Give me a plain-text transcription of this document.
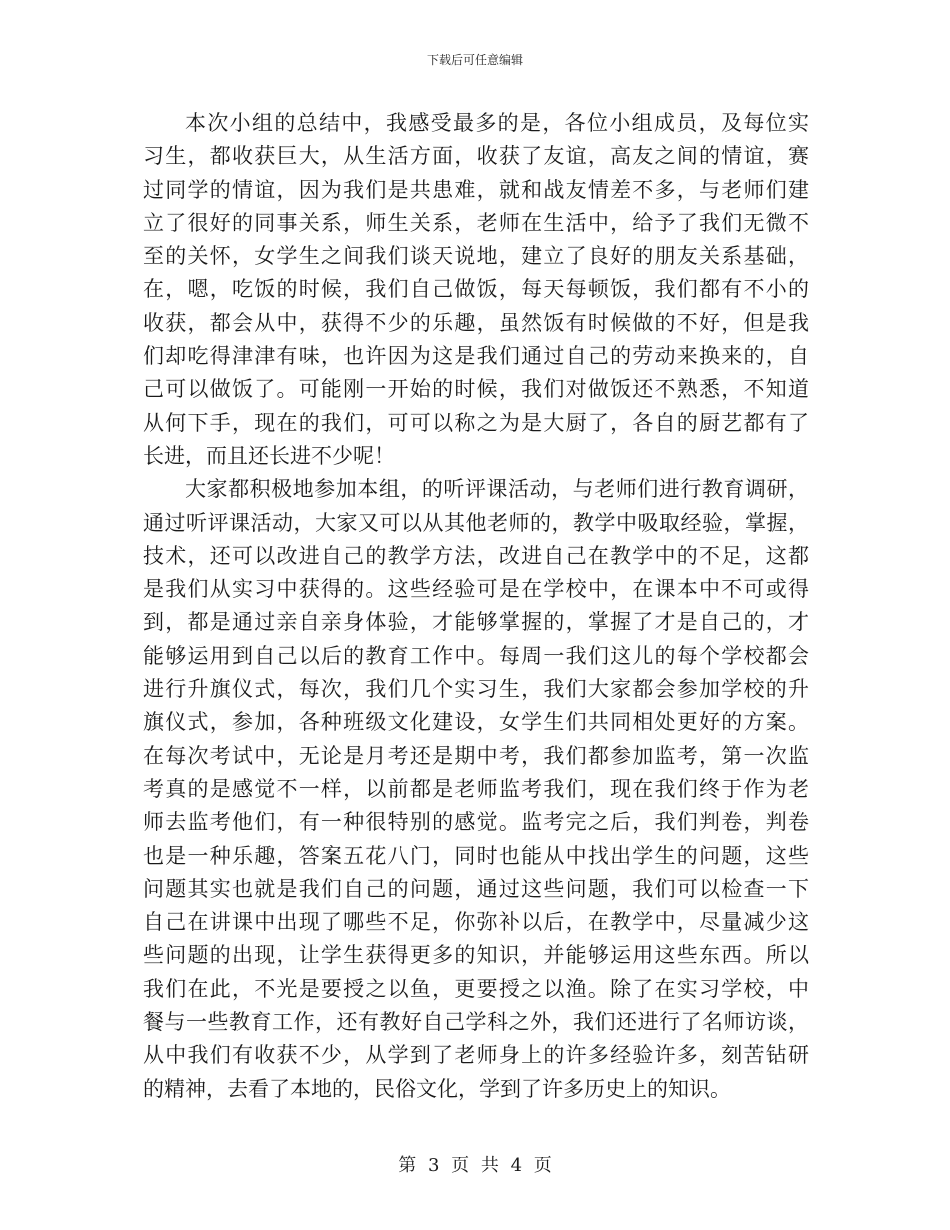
下载后可任意编辑
本次小组的总结中，我感受最多的是，各位小组成员，及每位实
习生，都收获巨大，从生活方面，收获了友谊，高友之间的情谊，赛
过同学的情谊，因为我们是共患难，就和战友情差不多，与老师们建
立了很好的同事关系，师生关系，老师在生活中，给予了我们无微不
至的关怀，女学生之间我们谈天说地，建立了良好的朋友关系基础，
在，嗯，吃饭的时候，我们自己做饭，每天每顿饭，我们都有不小的
收获，都会从中，获得不少的乐趣，虽然饭有时候做的不好，但是我
们却吃得津津有味，也许因为这是我们通过自己的劳动来换来的，自
己可以做饭了。可能刚一开始的时候，我们对做饭还不熟悉，不知道
从何下手，现在的我们，可可以称之为是大厨了，各自的厨艺都有了
长进，而且还长进不少呢！
大家都积极地参加本组，的听评课活动，与老师们进行教育调研，
通过听评课活动，大家又可以从其他老师的，教学中吸取经验，掌握，
技术，还可以改进自己的教学方法，改进自己在教学中的不足，这都
是我们从实习中获得的。这些经验可是在学校中，在课本中不可或得
到，都是通过亲自亲身体验，才能够掌握的，掌握了才是自己的，才
能够运用到自己以后的教育工作中。每周一我们这儿的每个学校都会
进行升旗仪式，每次，我们几个实习生，我们大家都会参加学校的升
旗仪式，参加，各种班级文化建设，女学生们共同相处更好的方案。
在每次考试中，无论是月考还是期中考，我们都参加监考，第一次监
考真的是感觉不一样，以前都是老师监考我们，现在我们终于作为老
师去监考他们，有一种很特别的感觉。监考完之后，我们判卷，判卷
也是一种乐趣，答案五花八门，同时也能从中找出学生的问题，这些
问题其实也就是我们自己的问题，通过这些问题，我们可以检查一下
自己在讲课中出现了哪些不足，你弥补以后，在教学中，尽量减少这
些问题的出现，让学生获得更多的知识，并能够运用这些东西。所以
我们在此，不光是要授之以鱼，更要授之以渔。除了在实习学校，中
餐与一些教育工作，还有教好自己学科之外，我们还进行了名师访谈，
从中我们有收获不少，从学到了老师身上的许多经验许多，刻苦钻研
的精神，去看了本地的，民俗文化，学到了许多历史上的知识。
第 3 页 共 4 页
